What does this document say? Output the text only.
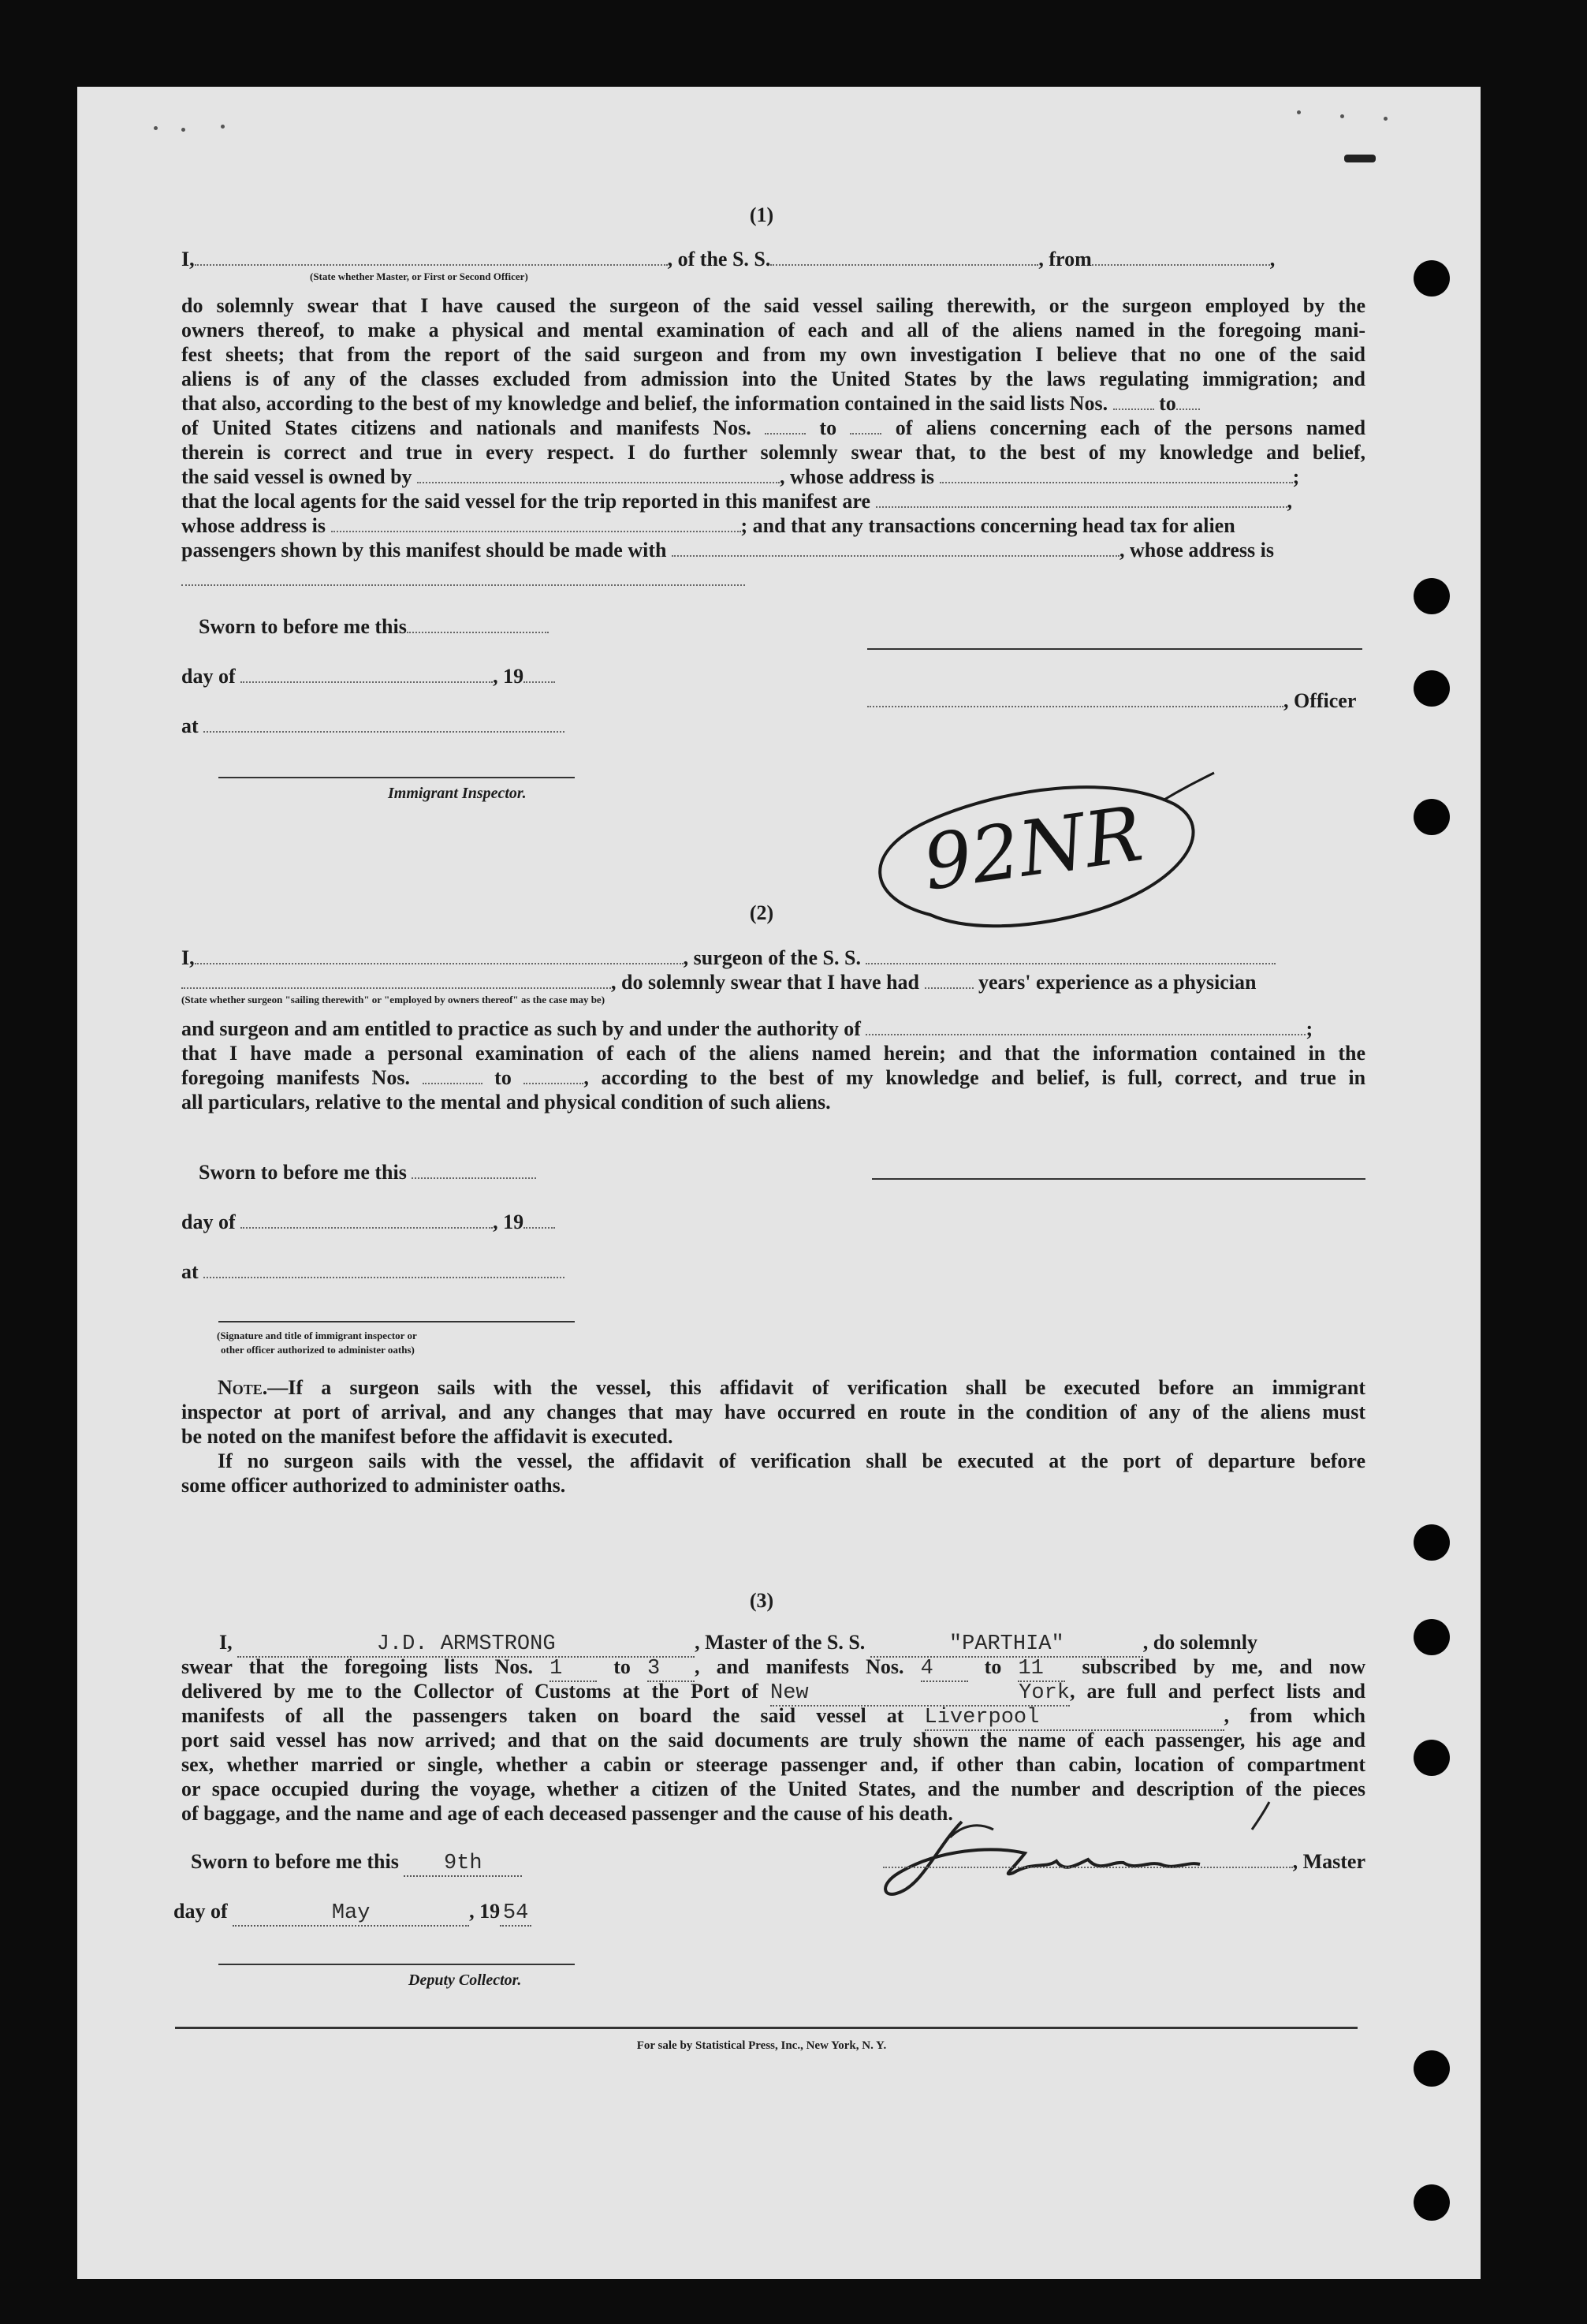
(1)
I,	, of the S. S.	, from	,
(State whether Master, or First or Second Officer)
do solemnly swear that I have caused the surgeon of the said vessel sailing therewith, or the surgeon employed by the
owners thereof, to make a physical and mental examination of each and all of the aliens named in the foregoing mani-
fest sheets; that from the report of the said surgeon and from my own investigation I believe that no one of the said
aliens is of any of the classes excluded from admission into the United States by the laws regulating immigration; and
that also, according to the best of my knowledge and belief, the information contained in the said lists Nos.	to
of United States citizens and nationals and manifests Nos.	to	of aliens concerning each of the persons named
therein is correct and true in every respect. I do further solemnly swear that, to the best of my knowledge and belief,
the said vessel is owned by	, whose address is	;
that the local agents for the said vessel for the trip reported in this manifest are	,
whose address is	; and that any transactions concerning head tax for alien
passengers shown by this manifest should be made with	, whose address is
Sworn to before me this
day of	, 19
at
Immigrant Inspector.
, Officer
92NR
(2)
I,	, surgeon of the S. S.
, do solemnly swear that I have had	years' experience as a physician
(State whether surgeon "sailing therewith" or "employed by owners thereof" as the case may be)
and surgeon and am entitled to practice as such by and under the authority of	;
that I have made a personal examination of each of the aliens named herein; and that the information contained in the
foregoing manifests Nos.	to	, according to the best of my knowledge and belief, is full, correct, and true in
all particulars, relative to the mental and physical condition of such aliens.
Sworn to before me this
day of	, 19
at
(Signature and title of immigrant inspector or
other officer authorized to administer oaths)
Note.—If a surgeon sails with the vessel, this affidavit of verification shall be executed before an immigrant
inspector at port of arrival, and any changes that may have occurred en route in the condition of any of the aliens must
be noted on the manifest before the affidavit is executed.
If no surgeon sails with the vessel, the affidavit of verification shall be executed at the port of departure before
some officer authorized to administer oaths.
(3)
I,	J.D. ARMSTRONG	, Master of the S. S.	"PARTHIA"	, do solemnly
swear that the foregoing lists Nos. 1 to 3 , and manifests Nos. 4 to 11 subscribed by me, and now
delivered by me to the Collector of Customs at the Port of New York, are full and perfect lists and
manifests of all the passengers taken on board the said vessel at Liverpool	, from which
port said vessel has now arrived; and that on the said documents are truly shown the name of each passenger, his age and
sex, whether married or single, whether a cabin or steerage passenger and, if other than cabin, location of compartment
or space occupied during the voyage, whether a citizen of the United States, and the number and description of the pieces
of baggage, and the name and age of each deceased passenger and the cause of his death.
Sworn to before me this 9th
day of	May	, 19 54
Deputy Collector.
, Master
For sale by Statistical Press, Inc., New York, N. Y.
